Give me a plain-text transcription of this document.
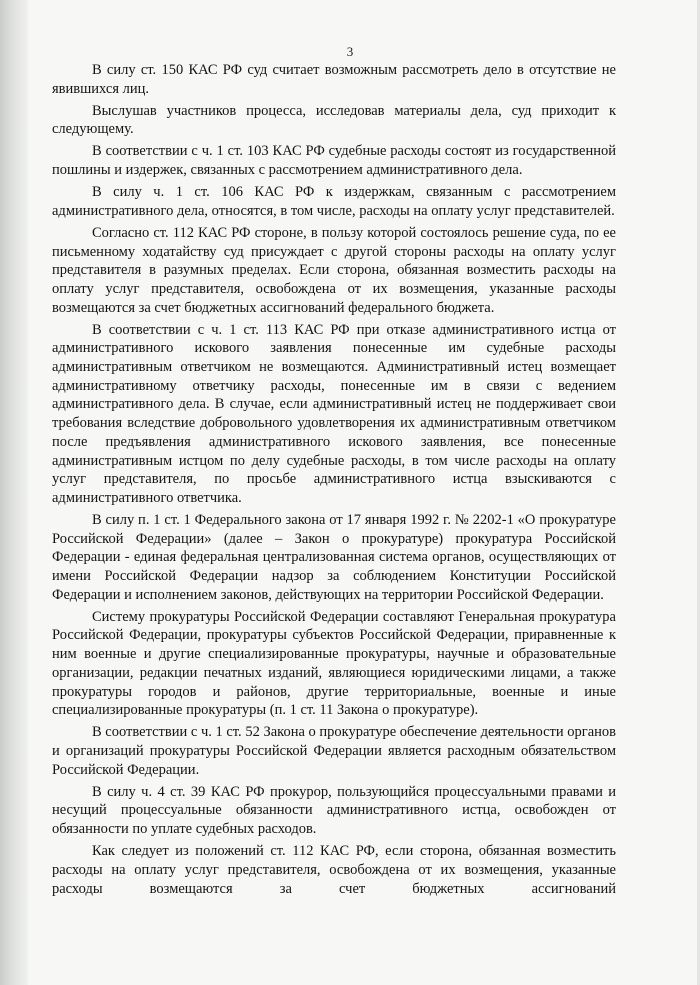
3

В силу ст. 150 КАС РФ суд считает возможным рассмотреть дело в отсутствие не явившихся лиц.

Выслушав участников процесса, исследовав материалы дела, суд приходит к следующему.

В соответствии с ч. 1 ст. 103 КАС РФ судебные расходы состоят из государственной пошлины и издержек, связанных с рассмотрением административного дела.

В силу ч. 1 ст. 106 КАС РФ к издержкам, связанным с рассмотрением административного дела, относятся, в том числе, расходы на оплату услуг представителей.

Согласно ст. 112 КАС РФ стороне, в пользу которой состоялось решение суда, по ее письменному ходатайству суд присуждает с другой стороны расходы на оплату услуг представителя в разумных пределах. Если сторона, обязанная возместить расходы на оплату услуг представителя, освобождена от их возмещения, указанные расходы возмещаются за счет бюджетных ассигнований федерального бюджета.

В соответствии с ч. 1 ст. 113 КАС РФ при отказе административного истца от административного искового заявления понесенные им судебные расходы административным ответчиком не возмещаются. Административный истец возмещает административному ответчику расходы, понесенные им в связи с ведением административного дела. В случае, если административный истец не поддерживает свои требования вследствие добровольного удовлетворения их административным ответчиком после предъявления административного искового заявления, все понесенные административным истцом по делу судебные расходы, в том числе расходы на оплату услуг представителя, по просьбе административного истца взыскиваются с административного ответчика.

В силу п. 1 ст. 1 Федерального закона от 17 января 1992 г. № 2202-1 «О прокуратуре Российской Федерации» (далее – Закон о прокуратуре) прокуратура Российской Федерации - единая федеральная централизованная система органов, осуществляющих от имени Российской Федерации надзор за соблюдением Конституции Российской Федерации и исполнением законов, действующих на территории Российской Федерации.

Систему прокуратуры Российской Федерации составляют Генеральная прокуратура Российской Федерации, прокуратуры субъектов Российской Федерации, приравненные к ним военные и другие специализированные прокуратуры, научные и образовательные организации, редакции печатных изданий, являющиеся юридическими лицами, а также прокуратуры городов и районов, другие территориальные, военные и иные специализированные прокуратуры (п. 1 ст. 11 Закона о прокуратуре).

В соответствии с ч. 1 ст. 52 Закона о прокуратуре обеспечение деятельности органов и организаций прокуратуры Российской Федерации является расходным обязательством Российской Федерации.

В силу ч. 4 ст. 39 КАС РФ прокурор, пользующийся процессуальными правами и несущий процессуальные обязанности административного истца, освобожден от обязанности по уплате судебных расходов.

Как следует из положений ст. 112 КАС РФ, если сторона, обязанная возместить расходы на оплату услуг представителя, освобождена от их возмещения, указанные расходы возмещаются за счет бюджетных ассигнований
